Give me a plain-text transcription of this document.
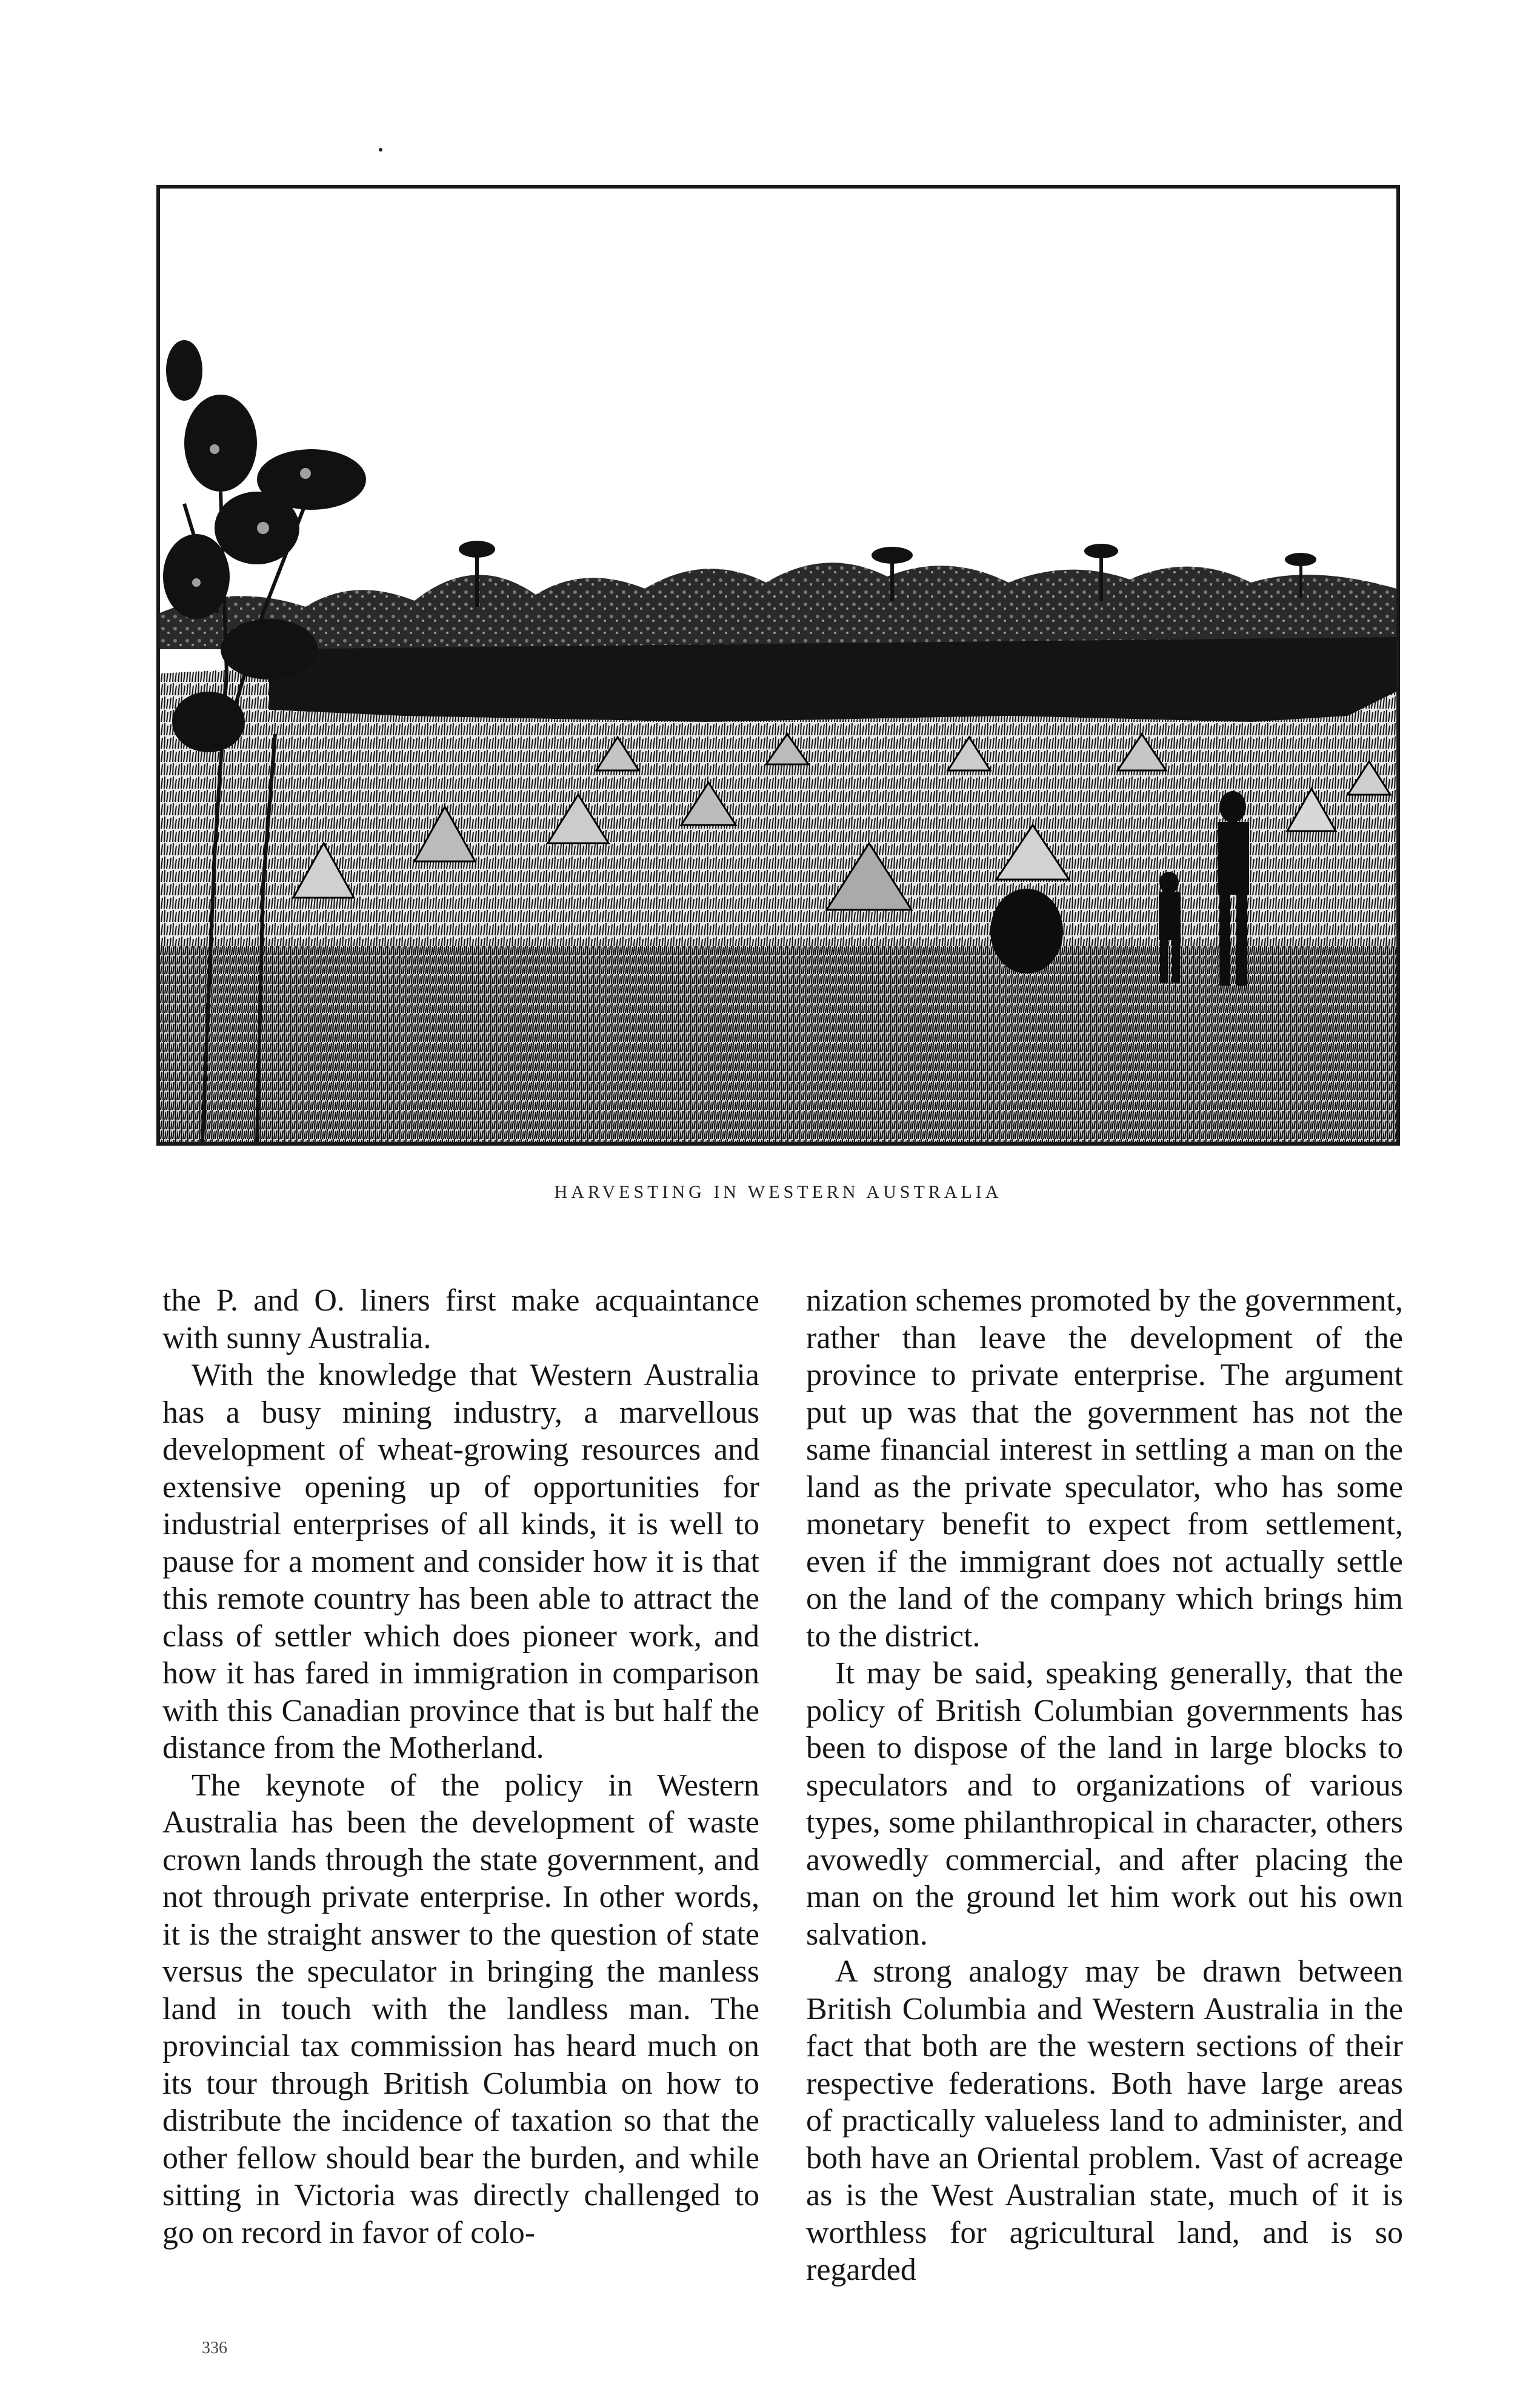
HARVESTING IN WESTERN AUSTRALIA

the P. and O. liners first make acquaintance with sunny Australia.

With the knowledge that Western Australia has a busy mining industry, a marvellous development of wheat-growing resources and extensive opening up of opportunities for industrial enterprises of all kinds, it is well to pause for a moment and consider how it is that this remote country has been able to attract the class of settler which does pioneer work, and how it has fared in immigration in comparison with this Canadian province that is but half the distance from the Motherland.

The keynote of the policy in Western Australia has been the development of waste crown lands through the state government, and not through private enterprise. In other words, it is the straight answer to the question of state versus the speculator in bringing the manless land in touch with the landless man. The provincial tax commission has heard much on its tour through British Columbia on how to distribute the incidence of taxation so that the other fellow should bear the burden, and while sitting in Victoria was directly challenged to go on record in favor of colo-

nization schemes promoted by the government, rather than leave the development of the province to private enterprise. The argument put up was that the government has not the same financial interest in settling a man on the land as the private speculator, who has some monetary benefit to expect from settlement, even if the immigrant does not actually settle on the land of the company which brings him to the district.

It may be said, speaking generally, that the policy of British Columbian governments has been to dispose of the land in large blocks to speculators and to organizations of various types, some philanthropical in character, others avowedly commercial, and after placing the man on the ground let him work out his own salvation.

A strong analogy may be drawn between British Columbia and Western Australia in the fact that both are the western sections of their respective federations. Both have large areas of practically valueless land to administer, and both have an Oriental problem. Vast of acreage as is the West Australian state, much of it is worthless for agricultural land, and is so regarded

336
